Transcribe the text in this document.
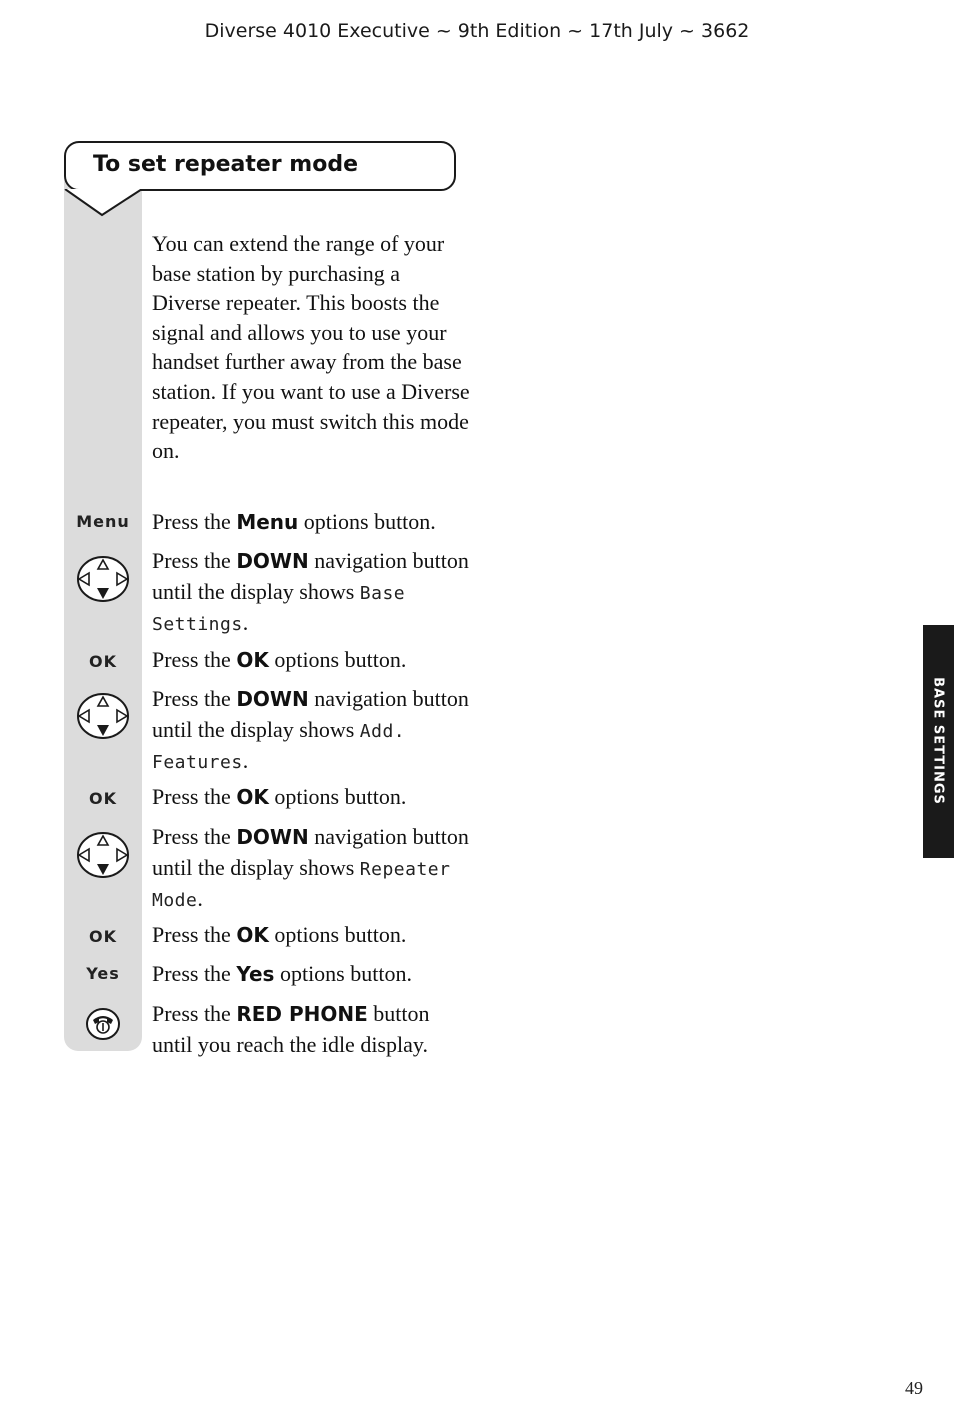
Diverse 4010 Executive ~ 9th Edition ~ 17th July ~ 3662
To set repeater mode
You can extend the range of your base station by purchasing a Diverse repeater. This boosts the signal and allows you to use your handset further away from the base station. If you want to use a Diverse repeater, you must switch this mode on.
Menu	Press the Menu options button.
Press the DOWN navigation button until the display shows Base Settings.
OK	Press the OK options button.
Press the DOWN navigation button until the display shows Add. Features.
OK	Press the OK options button.
Press the DOWN navigation button until the display shows Repeater Mode.
OK	Press the OK options button.
Yes	Press the Yes options button.
Press the RED PHONE button until you reach the idle display.
BASE SETTINGS
49
